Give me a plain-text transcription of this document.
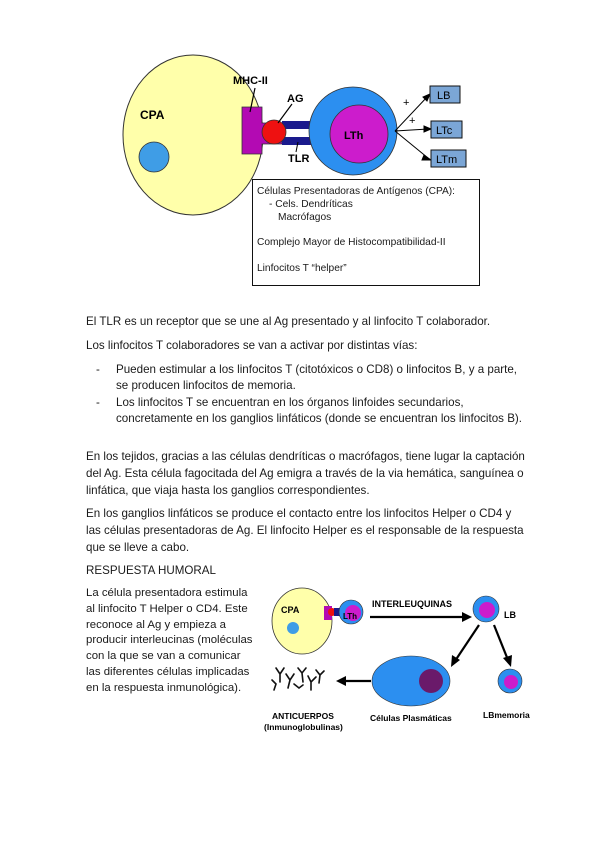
CPA
MHC-II
TLR
AG
LTh
+
+
LB
LTc
LTm
Células Presentadoras de Antígenos (CPA):
- Cels. Dendríticas
Macrófagos
Complejo Mayor de Histocompatibilidad-II
Linfocitos T “helper”

El TLR es un receptor que se une al Ag presentado y al linfocito T colaborador.

Los linfocitos T colaboradores se van a activar por distintas vías:

- Pueden estimular a los linfocitos T (citotóxicos o CD8) o linfocitos B, y a parte, se producen linfocitos de memoria.
- Los linfocitos T se encuentran en los órganos linfoides secundarios, concretamente en los ganglios linfáticos (donde se encuentran los linfocitos B).

En los tejidos, gracias a las células dendríticas o macrófagos, tiene lugar la captación del Ag. Esta célula fagocitada del Ag emigra a través de la via hemática, sanguínea o linfática, que viaja hasta los ganglios correspondientes.

En los ganglios linfáticos se produce el contacto entre los linfocitos Helper o CD4 y las células presentadoras de Ag. El linfocito Helper es el responsable de la respuesta que se lleve a cabo.

RESPUESTA HUMORAL

La célula presentadora estimula al linfocito T Helper o CD4. Este reconoce al Ag y empieza a producir interleucinas (moléculas con la que se van a comunicar las diferentes células implicadas en la respuesta inmunológica).

CPA
LTh
INTERLEUQUINAS
LB
Células Plasmáticas	LBmemoria
ANTICUERPOS
(Inmunoglobulinas)
